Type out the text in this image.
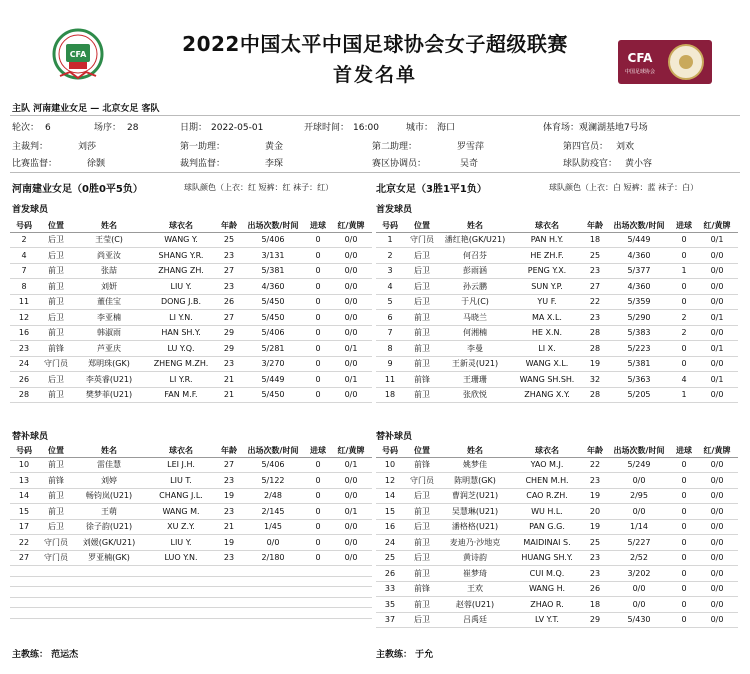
CFA	2022中国太平中国足球协会女子超级联赛
首发名单
CFA
中国足球协会
主队 河南建业女足 — 北京女足 客队
轮次： 6	场序： 28	日期： 2022-05-01	开球时间： 16:00	城市： 海口	体育场：观澜湖基地7号场
主裁判：	刘莎	第一助理：	黄金	第二助理：	罗雪萍	第四官员： 刘欢
比赛监督：	徐颢	裁判监督：	李琛	赛区协调员：	吴奇	球队防疫官： 黄小容
河南建业女足（0胜0平5负）	球队颜色（上衣：红 短裤：红 袜子：红）	北京女足（3胜1平1负）	球队颜色（上衣：白 短裤：蓝 袜子：白）
首发球员	首发球员
号码	位置	姓名	球衣名	年龄	出场次数/时间	进球	红/黄牌
2	后卫	王莹(C)	WANG Y.	25	5/406	0	0/0
4	后卫	尚亚汝	SHANG Y.R.	23	3/131	0	0/0
7	前卫	张喆	ZHANG ZH.	27	5/381	0	0/0
8	前卫	刘妍	LIU Y.	23	4/360	0	0/0
11	前卫	董佳宝	DONG J.B.	26	5/450	0	0/0
12	后卫	李亚楠	LI Y.N.	27	5/450	0	0/0
16	前卫	韩淑雨	HAN SH.Y.	29	5/406	0	0/0
23	前锋	芦亚庆	LU Y.Q.	29	5/281	0	0/1
24	守门员	郑明珠(GK)	ZHENG M.ZH.	23	3/270	0	0/0
26	后卫	李英睿(U21)	LI Y.R.	21	5/449	0	0/1
28	前卫	樊梦菲(U21)	FAN M.F.	21	5/450	0	0/0
号码	位置	姓名	球衣名	年龄	出场次数/时间	进球	红/黄牌
1	守门员	潘红艳(GK/U21)	PAN H.Y.	18	5/449	0	0/1
2	后卫	何召芬	HE ZH.F.	25	4/360	0	0/0
3	后卫	彭雨涵	PENG Y.X.	23	5/377	1	0/0
4	后卫	孙云鹏	SUN Y.P.	27	4/360	0	0/0
5	后卫	于凡(C)	YU F.	22	5/359	0	0/0
6	前卫	马晓兰	MA X.L.	23	5/290	2	0/1
7	前卫	何湘楠	HE X.N.	28	5/383	2	0/0
8	前卫	李曼	LI X.	28	5/223	0	0/1
9	前卫	王新灵(U21)	WANG X.L.	19	5/381	0	0/0
11	前锋	王珊珊	WANG SH.SH.	32	5/363	4	0/1
18	前卫	张欣悦	ZHANG X.Y.	28	5/205	1	0/0
替补球员	替补球员
号码	位置	姓名	球衣名	年龄	出场次数/时间	进球	红/黄牌
10	前卫	雷佳慧	LEI J.H.	27	5/406	0	0/1
13	前锋	刘婷	LIU T.	23	5/122	0	0/0
14	前卫	畅钧岚(U21)	CHANG J.L.	19	2/48	0	0/0
15	前卫	王萌	WANG M.	23	2/145	0	0/1
17	后卫	徐子韵(U21)	XU Z.Y.	21	1/45	0	0/0
22	守门员	刘媛(GK/U21)	LIU Y.	19	0/0	0	0/0
27	守门员	罗亚楠(GK)	LUO Y.N.	23	2/180	0	0/0

号码	位置	姓名	球衣名	年龄	出场次数/时间	进球	红/黄牌
10	前锋	姚梦佳	YAO M.J.	22	5/249	0	0/0
12	守门员	陈明慧(GK)	CHEN M.H.	23	0/0	0	0/0
14	后卫	曹润芝(U21)	CAO R.ZH.	19	2/95	0	0/0
15	前卫	吴慧琳(U21)	WU H.L.	20	0/0	0	0/0
16	后卫	潘格格(U21)	PAN G.G.	19	1/14	0	0/0
24	前卫	麦迪乃·沙地克	MAIDINAI S.	25	5/227	0	0/0
25	后卫	黄诗韵	HUANG SH.Y.	23	2/52	0	0/0
26	前卫	崔梦琦	CUI M.Q.	23	3/202	0	0/0
33	前锋	王欢	WANG H.	26	0/0	0	0/0
35	前卫	赵蓉(U21)	ZHAO R.	18	0/0	0	0/0
37	后卫	吕禹廷	LV Y.T.	29	5/430	0	0/0
主教练： 范运杰	主教练： 于允
